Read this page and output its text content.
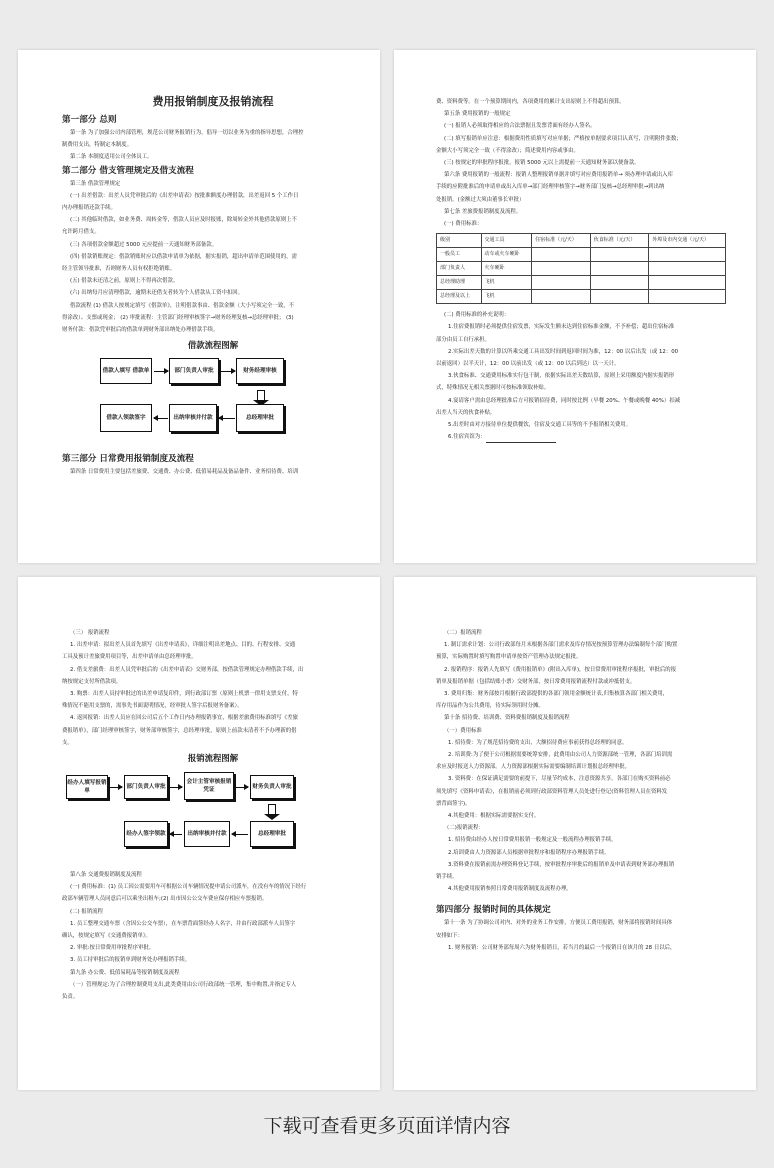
费用报销制度及报销流程
第一部分 总则
第一条 为了加强公司内部管理，规范公司财务报销行为，倡导一切以业务为重的指导思想，合理控
制费用支出，特制定本制度。
第二条 本制度适用公司全体员工。
第二部分 借支管理规定及借支流程
第三条 借款管理规定
(一) 出差借款：出差人员凭审批后的《出差申请表》按批准额度办理借款，出差返回 5 个工作日
内办理报销还款手续。
(二) 其他临时借款，如业务费、周转金等，借款人员应及时报账，除周转金外其他借款原则上不
允许跨月借支。
(三) 各项借款金额超过 5000 元应提前一天通知财务部备款。
(四) 借款销账规定：借款销账时应以借款申请单为依据，据实报销，超出申请单范围使用的，需
经主管领导批准，否则财务人员有权拒绝销账。
(五) 借款未还清之前，原则上不得再次借款。
(六) 出纳每月应清理借款，逾期未还借支者转为个人借款从工资中扣回。
借款流程 (1) 借款人按规定填写《借款单》，注明借款事由、借款金额（大小写须完全一致，不
得涂改）、支票或现金； (2) 审批流程：主管部门经理审核签字→财务经理复核→总经理审批； (3)
财务付款：借款凭审批后的借款单到财务部出纳处办理借款手续。
借款流程图解
借款人填写 借款单	部门负责人审批	财务经理审核
借款人领款签字	出纳审核并付款	总经理审批
第三部分 日常费用报销制度及流程
第四条 日常费用主要包括差旅费、交通费、办公费、低值易耗品及备品备件、业务招待费、培训
费、资料费等。在一个预算期间内，各项费用的累计支出原则上不得超出预算。
第五条 费用报销的一般规定
(一) 报销人必须取得相应的合法票据且发票背面有经办人签名。
(二) 填写报销单应注意：根据费用性质填写对应单据；严格按单据要求项目认真写，注明附件张数；
金额大小写须完全一致（不得涂改）；简述费用内容或事由。
(三) 按规定的审批程序报批。报销 5000 元以上需提前一天通知财务部以便备款。
第六条 费用报销的一般流程：报销人整理报销单据并填写对应费用报销单→ 须办理申请或出入库
手续的应附批准后的申请单或出入库单→部门经理审核签字→财务部门复核→总经理审批→到出纳
处报销。(金额过大须由董事长审批）
第七条 差旅费报销制度及流程。
(一) 费用标准：
级别	交通工具	住宿标准（元/天）	伙食标准（元/天）	外埠及市内交通（元/天）
一般员工	动车或火车硬卧			
部门负责人	火车硬卧			
总经理助理	飞机			
总经理及以上	飞机			
(二) 费用标准的补充说明：
1.住宿费报销时必须提供住宿发票，实际发生额未达到住宿标准金额，不予补偿；超出住宿标准
部分由员工自行承担。
2.实际出差天数的计算以所乘交通工具出发时间到返回时间为准，12：00 以后出发（或 12：00
以前返回）以半天计，12：00 以前出发（或 12：00 以后到达）以一天计。
3.伙食标准、交通费用标准实行包干制，依据实际出差天数结算，原则上采用额度内据实报销形
式，特殊情况无相关票据时可按标准领取补贴。
4.宴请客户需由总经理批准后方可报销招待费，同时按比例（早餐 20%、午餐或晚餐 40%）扣减
出差人当天的伙食补贴。
5.出差时由对方接待单位提供餐饮，住宿及交通工具等的不予报销相关费用。
6.住宿宾馆为：
（三） 报销流程
1. 出差申请：拟出差人员首先填写《出差申请表》，详细注明出差地点、目的、行程安排、交通
工具及预计差旅费用项目等，出差申请单由总经理审批。
2. 借支差旅费：出差人员凭审批后的《出差申请表》交财务部，按借款管理规定办理借款手续，出
纳按规定支付所借款项。
3. 购票：出差人员持审批过的出差申请复印件，到行政部订票（原则上机票一律用支票支付，特
殊情况不能用支票的，需事先书面说明情况，经审批人签字后报财务备案）。
4. 返回报销：出差人员应在回公司后五个工作日内办理报销事宜，根据差旅费用标准填写《差旅
费报销单》，部门经理审核签字，财务部审核签字，总经理审批，原则上前款未清者不予办理新的借
支。
报销流程图解
经办人填写报销单
部门负责人审批
会计主管审核报销凭证	财务负责人审批
经办人签字领款	出纳审核并付款	总经理审批
第八条 交通费报销制度及流程
(一) 费用标准：(1) 员工因公需要用车可根据公司车辆情况提申请公司派车，在没有车的情况下经行
政部车辆管理人员同意后可以乘坐出租车;(2) 出市因公公交车费应保存相应车票报销。
(二) 报销流程
1. 员工整理交通车票（含因公公交车票），在车票背面签经办人名字，并由行政部派车人员签字
确认，按规定填写《交通费报销单》。
2. 审批:按日常费用审批程序审批。
3. 员工持审批后的报销单到财务处办理报销手续。
第九条 办公费、低值易耗品等报销制度及流程
（一）管理规定:为了合理控制费用支出,此类费用由公司行政部统一管理，集中购置,并指定专人
负责。
（二）报销流程
1. 制订需求计划：公司行政部每月末根据各部门需求及库存情况按预算管理办法编制每个部门购置
预算，实际购置时填写购置申请单按资产管理办法规定报批。
2. 报销程序：报销人先填写《费用报销单》(附出入库单)，按日常费用审批程序报批，审批后的报
销单及报销单据（包括结账小票）交财务部，按日常费用报销流程付款或冲抵借支。
3. 费用归集：财务部按月根据行政部提供的各部门领用金额统计表,归集核算各部门相关费用，
库存用品作为公共费用，待实际领用时分摊。
第十条 招待费、培训费、资料费报销制度及报销流程
（一）费用标准
1. 招待费：为了规范招待费的支出，大额招待费应事前获得总经理的同意。
2. 培训费:为了便于公司根据需要统筹安排，此费用由公司人力资源部统一管理，各部门培训需
求应及时报送人力资源部。人力资源部根据实际需要编制培训计划报总经理审批。
3. 资料费：在保证满足需要的前提下，尽量节约成本，注意资源共享。各部门在购买资料前必
须先填写《资料申请表》，在报销前必须到行政部资料管理人员处进行登记(资料管理人员在资料发
票背面签字)。
4.其他费用：根据实际需要据实支付。
（二)报销流程：
1. 招待费由经办人按日常费用报销一般规定及一般流程办理报销手续。
2.培训费由人力资源部人员根据审批程序和报销程序办理报销手续。
3.资料费在报销前需办理资料登记手续，按审批程序审批后的报销单及申请表到财务部办理报销
销手续。
4.其他费用报销参照日常费用报销制度及流程办理。
第四部分 报销时间的具体规定
第十一条 为了协调公司对内、对外的业务工作安排，方便员工费用报销，财务部将报销时间具体
安排如下：
1. 财务报销：公司财务部每周六为财务报销日，若当月的最后一个报销日在该月的 28 日以后，
下载可查看更多页面详情内容
